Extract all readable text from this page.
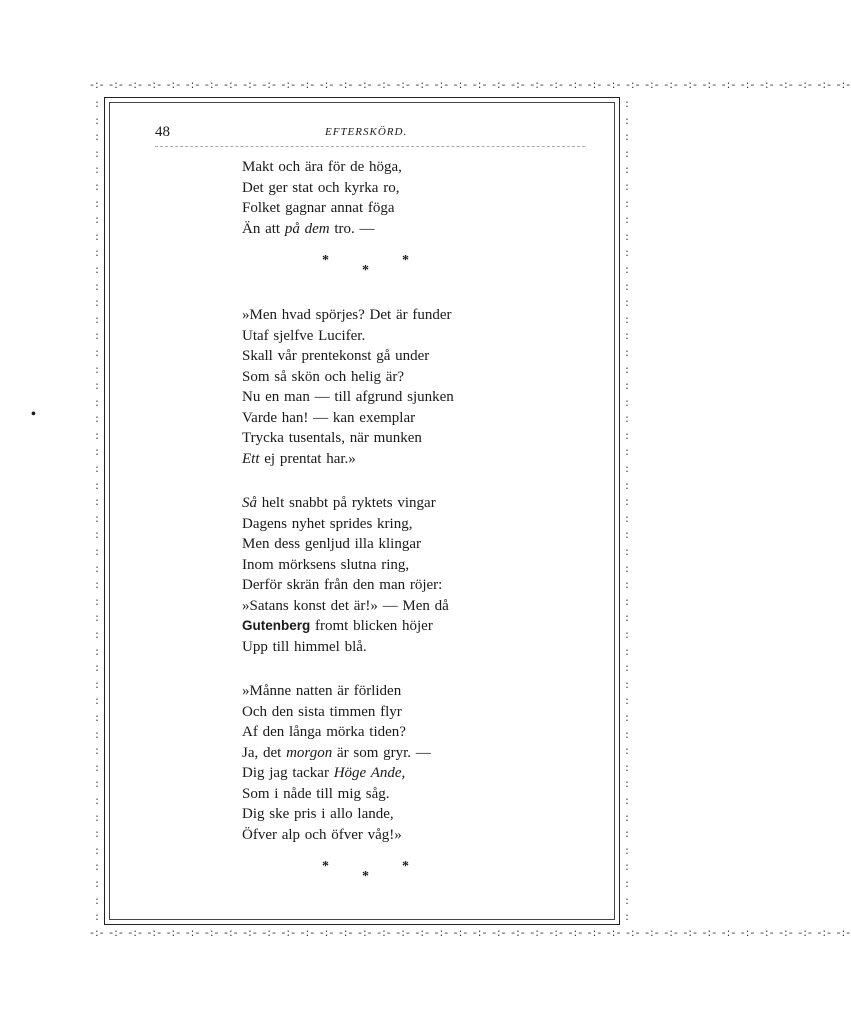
-:- -:- -:- -:- -:- -:- -:- -:- -:- -:- -:- -:- -:- -:- -:- -:- -:- -:- -:- -:- -:- -:- -:- -:- -:- -:- -:- -:- -:- -:- -:- -:- -:- -:- -:- -:- -:- -:- -:- -:-
-:- -:- -:- -:- -:- -:- -:- -:- -:- -:- -:- -:- -:- -:- -:- -:- -:- -:- -:- -:- -:- -:- -:- -:- -:- -:- -:- -:- -:- -:- -:- -:- -:- -:- -:- -:- -:- -:- -:- -:-
:
:
:
:
:
:
:
:
:
:
:
:
:
:
:
:
:
:
:
:
:
:
:
:
:
:
:
:
:
:
:
:
:
:
:
:
:
:
:
:
:
:
:
:
:
:
:
:
:
:
:
:
:
:
:
:
:
:
:
:
:
:
:
:
:
:
:
:
:
:
:
:
:
:
:
:
:
:
:
:
:
:
:
:
:
:
:
:
:
:
:
:
:
:
:
:
:
:
:
:
•
48	EFTERSKÖRD.
Makt och ära för de höga,
Det ger stat och kyrka ro,
Folket gagnar annat föga
Än att på dem tro. —
*	*
*
»Men hvad spörjes? Det är funder
Utaf sjelfve Lucifer.
Skall vår prentekonst gå under
Som så skön och helig är?
Nu en man — till afgrund sjunken
Varde han! — kan exemplar
Trycka tusentals, när munken
Ett ej prentat har.»
Så helt snabbt på ryktets vingar
Dagens nyhet sprides kring,
Men dess genljud illa klingar
Inom mörksens slutna ring,
Derför skrän från den man röjer:
»Satans konst det är!» — Men då
Gutenberg fromt blicken höjer
Upp till himmel blå.
»Månne natten är förliden
Och den sista timmen flyr
Af den långa mörka tiden?
Ja, det morgon är som gryr. —
Dig jag tackar Höge Ande,
Som i nåde till mig såg.
Dig ske pris i allo lande,
Öfver alp och öfver våg!»
*	*
*
